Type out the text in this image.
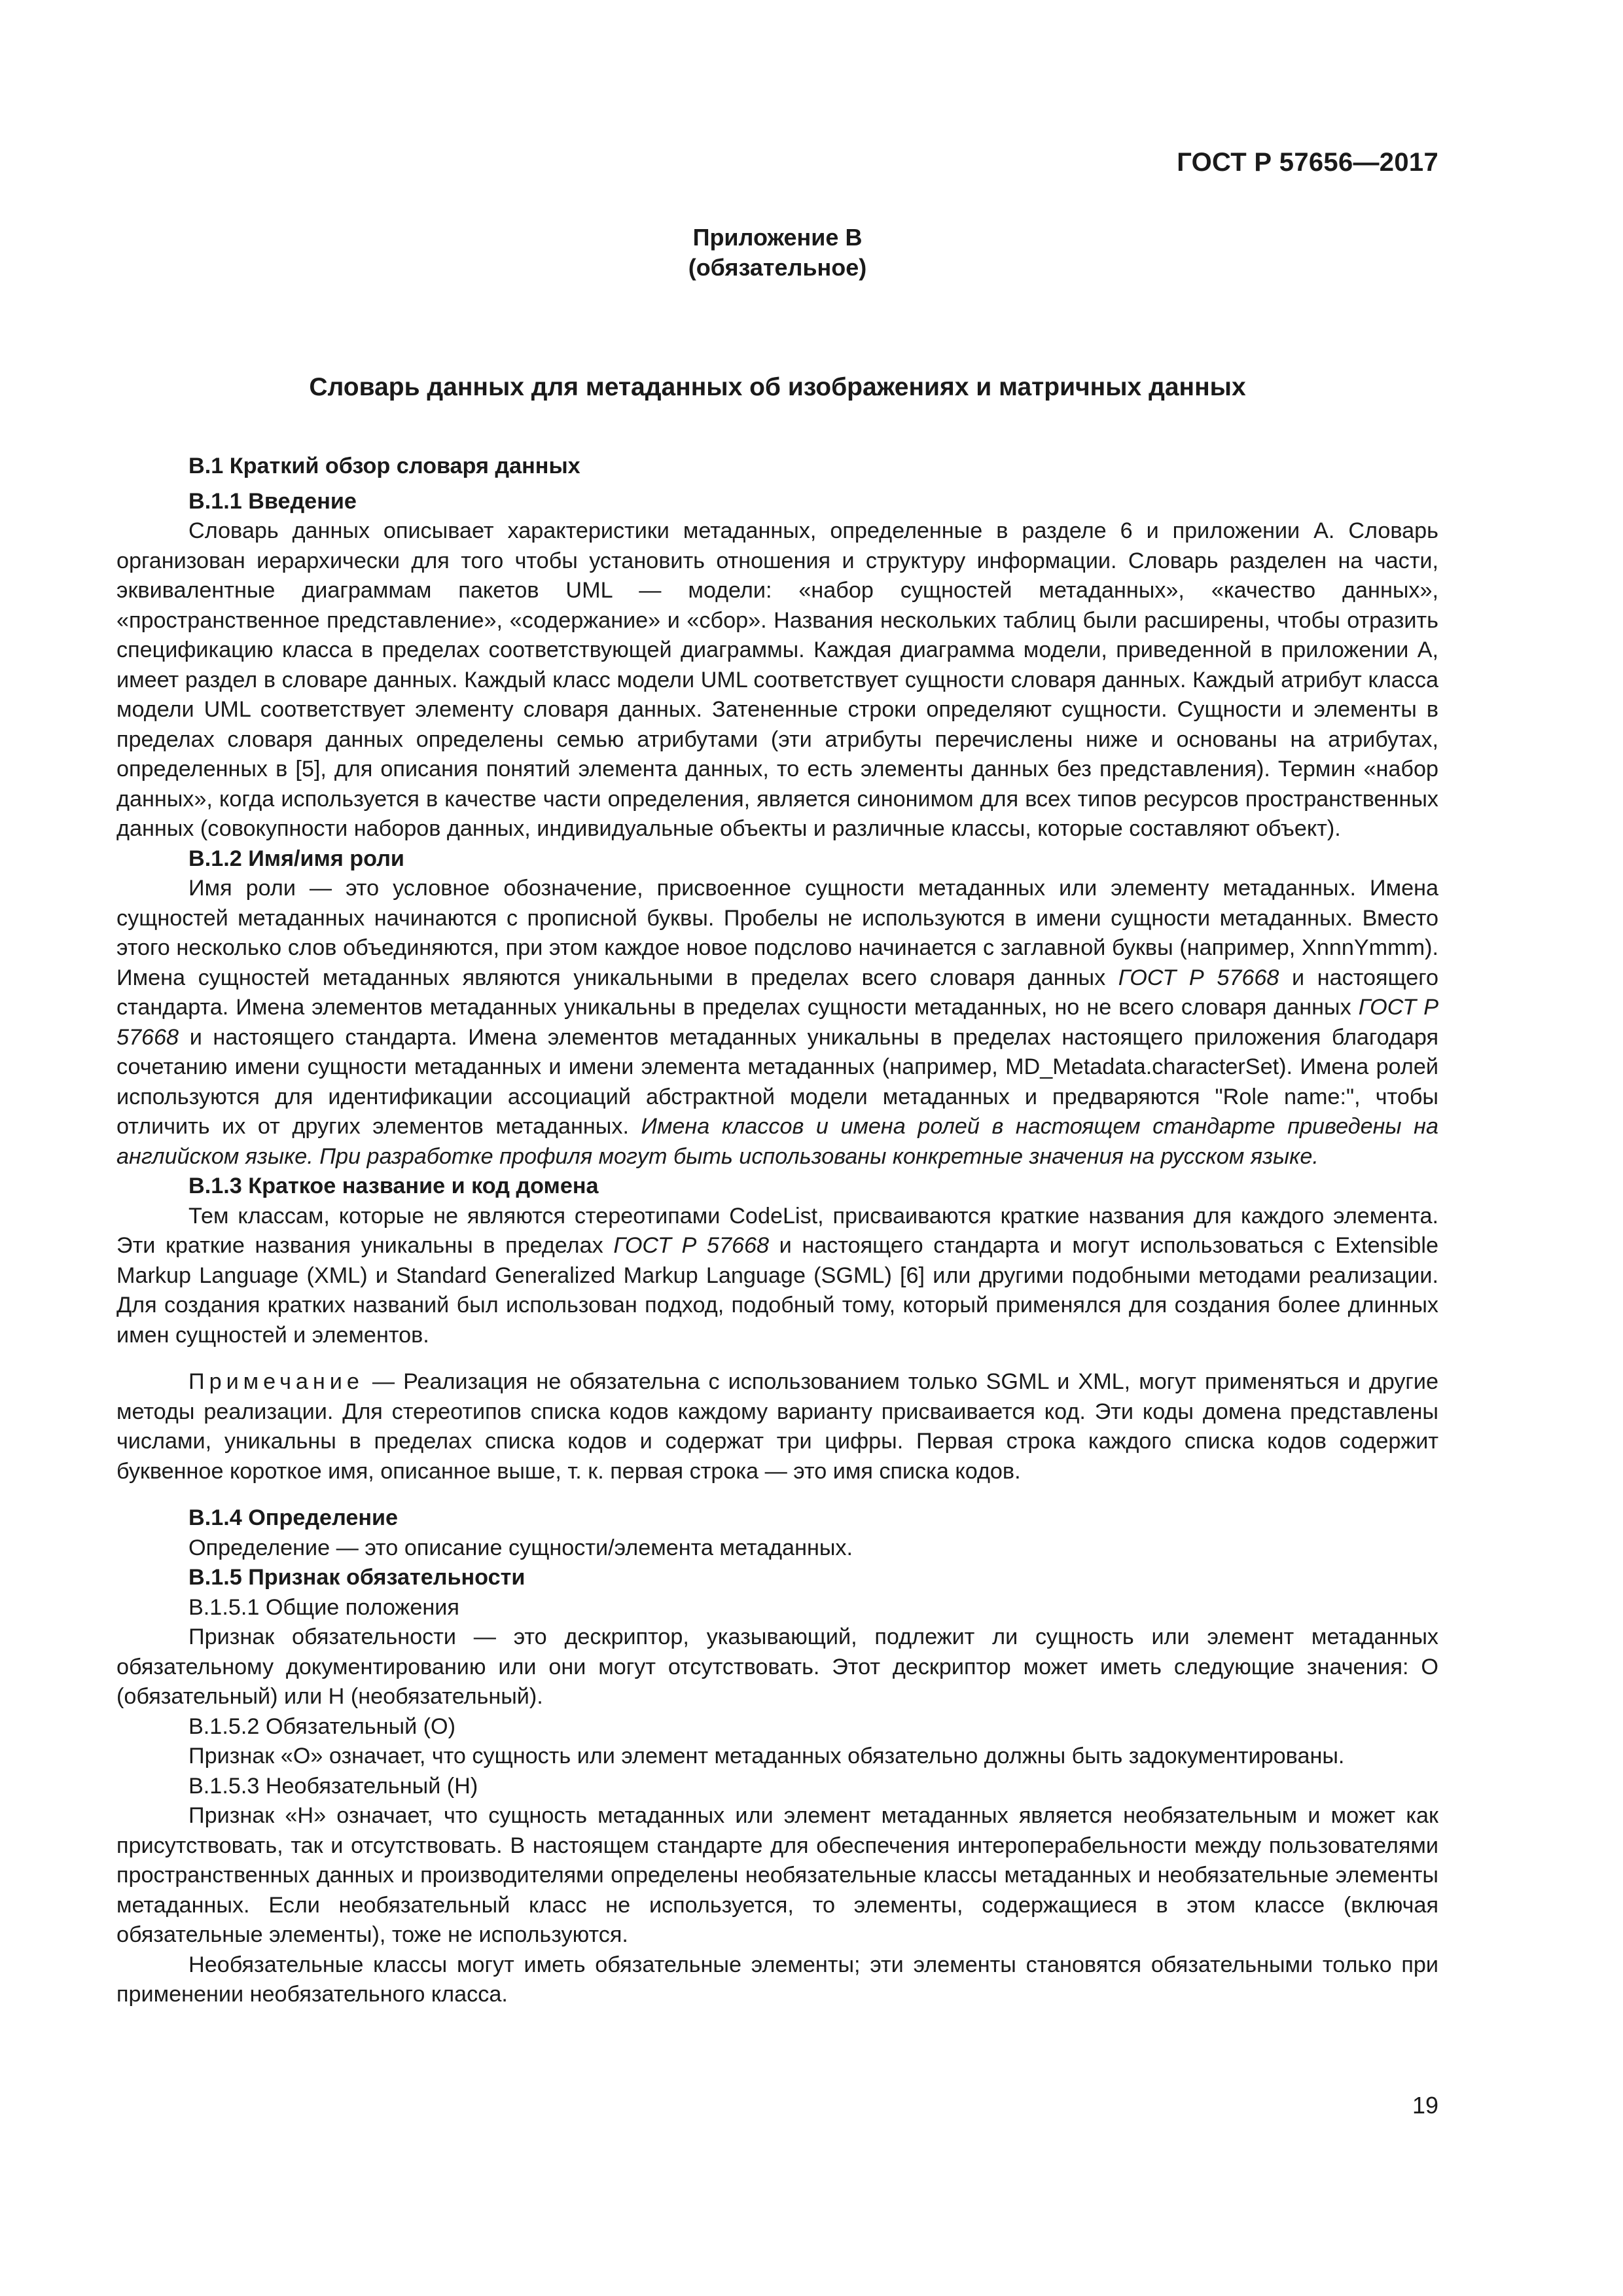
ГОСТ Р 57656—2017
Приложение В
(обязательное)
Словарь данных для метаданных об изображениях и матричных данных

В.1 Краткий обзор словаря данных

В.1.1 Введение

Словарь данных описывает характеристики метаданных, определенные в разделе 6 и приложении А. Словарь организован иерархически для того чтобы установить отношения и структуру информации. Словарь разделен на части, эквивалентные диаграммам пакетов UML — модели: «набор сущностей метаданных», «качество данных», «пространственное представление», «содержание» и «сбор». Названия нескольких таблиц были расширены, чтобы отразить спецификацию класса в пределах соответствующей диаграммы. Каждая диаграмма модели, приведенной в приложении А, имеет раздел в словаре данных. Каждый класс модели UML соответствует сущности словаря данных. Каждый атрибут класса модели UML соответствует элементу словаря данных. Затененные строки определяют сущности. Сущности и элементы в пределах словаря данных определены семью атрибутами (эти атрибуты перечислены ниже и основаны на атрибутах, определенных в [5], для описания понятий элемента данных, то есть элементы данных без представления). Термин «набор данных», когда используется в качестве части определения, является синонимом для всех типов ресурсов пространственных данных (совокупности наборов данных, индивидуальные объекты и различные классы, которые составляют объект).

В.1.2 Имя/имя роли

Имя роли — это условное обозначение, присвоенное сущности метаданных или элементу метаданных. Имена сущностей метаданных начинаются с прописной буквы. Пробелы не используются в имени сущности метаданных. Вместо этого несколько слов объединяются, при этом каждое новое подслово начинается с заглавной буквы (например, XnnnYmmm). Имена сущностей метаданных являются уникальными в пределах всего словаря данных ГОСТ Р 57668 и настоящего стандарта. Имена элементов метаданных уникальны в пределах сущности метаданных, но не всего словаря данных ГОСТ Р 57668 и настоящего стандарта. Имена элементов метаданных уникальны в пределах настоящего приложения благодаря сочетанию имени сущности метаданных и имени элемента метаданных (например, MD_Metadata.characterSet). Имена ролей используются для идентификации ассоциаций абстрактной модели метаданных и предваряются "Role name:", чтобы отличить их от других элементов метаданных. Имена классов и имена ролей в настоящем стандарте приведены на английском языке. При разработке профиля могут быть использованы конкретные значения на русском языке.

В.1.3 Краткое название и код домена

Тем классам, которые не являются стереотипами CodeList, присваиваются краткие названия для каждого элемента. Эти краткие названия уникальны в пределах ГОСТ Р 57668 и настоящего стандарта и могут использоваться с Extensible Markup Language (XML) и Standard Generalized Markup Language (SGML) [6] или другими подобными методами реализации. Для создания кратких названий был использован подход, подобный тому, который применялся для создания более длинных имен сущностей и элементов.

Примечание — Реализация не обязательна с использованием только SGML и XML, могут применяться и другие методы реализации. Для стереотипов списка кодов каждому варианту присваивается код. Эти коды домена представлены числами, уникальны в пределах списка кодов и содержат три цифры. Первая строка каждого списка кодов содержит буквенное короткое имя, описанное выше, т. к. первая строка — это имя списка кодов.

В.1.4 Определение

Определение — это описание сущности/элемента метаданных.

В.1.5 Признак обязательности

В.1.5.1 Общие положения

Признак обязательности — это дескриптор, указывающий, подлежит ли сущность или элемент метаданных обязательному документированию или они могут отсутствовать. Этот дескриптор может иметь следующие значения: О (обязательный) или Н (необязательный).

В.1.5.2 Обязательный (О)

Признак «О» означает, что сущность или элемент метаданных обязательно должны быть задокументированы.

В.1.5.3 Необязательный (Н)

Признак «Н» означает, что сущность метаданных или элемент метаданных является необязательным и может как присутствовать, так и отсутствовать. В настоящем стандарте для обеспечения интероперабельности между пользователями пространственных данных и производителями определены необязательные классы метаданных и необязательные элементы метаданных. Если необязательный класс не используется, то элементы, содержащиеся в этом классе (включая обязательные элементы), тоже не используются.

Необязательные классы могут иметь обязательные элементы; эти элементы становятся обязательными только при применении необязательного класса.

19
